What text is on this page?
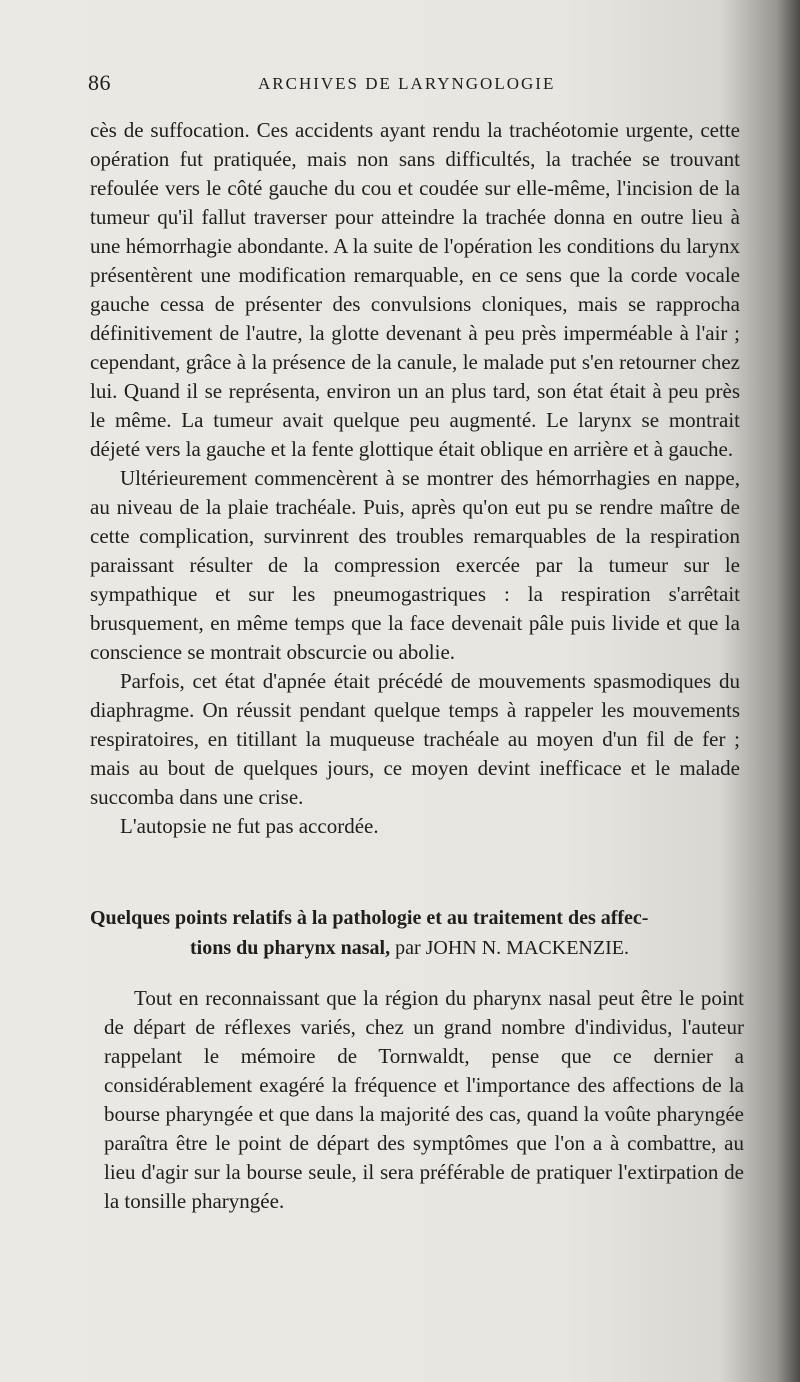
86	ARCHIVES DE LARYNGOLOGIE

cès de suffocation. Ces accidents ayant rendu la trachéotomie urgente, cette opération fut pratiquée, mais non sans difficultés, la trachée se trouvant refoulée vers le côté gauche du cou et coudée sur elle-même, l'incision de la tumeur qu'il fallut traverser pour atteindre la trachée donna en outre lieu à une hémorrhagie abondante. A la suite de l'opération les conditions du larynx présentèrent une modification remarquable, en ce sens que la corde vocale gauche cessa de présenter des convulsions cloniques, mais se rapprocha définitivement de l'autre, la glotte devenant à peu près imperméable à l'air ; cependant, grâce à la présence de la canule, le malade put s'en retourner chez lui. Quand il se représenta, environ un an plus tard, son état était à peu près le même. La tumeur avait quelque peu augmenté. Le larynx se montrait déjeté vers la gauche et la fente glottique était oblique en arrière et à gauche.

Ultérieurement commencèrent à se montrer des hémorrhagies en nappe, au niveau de la plaie trachéale. Puis, après qu'on eut pu se rendre maître de cette complication, survinrent des troubles remarquables de la respiration paraissant résulter de la compression exercée par la tumeur sur le sympathique et sur les pneumogastriques : la respiration s'arrêtait brusquement, en même temps que la face devenait pâle puis livide et que la conscience se montrait obscurcie ou abolie.

Parfois, cet état d'apnée était précédé de mouvements spasmodiques du diaphragme. On réussit pendant quelque temps à rappeler les mouvements respiratoires, en titillant la muqueuse trachéale au moyen d'un fil de fer ; mais au bout de quelques jours, ce moyen devint inefficace et le malade succomba dans une crise.

L'autopsie ne fut pas accordée.

Quelques points relatifs à la pathologie et au traitement des affec-
tions du pharynx nasal, par JOHN N. MACKENZIE.

Tout en reconnaissant que la région du pharynx nasal peut être le point de départ de réflexes variés, chez un grand nombre d'individus, l'auteur rappelant le mémoire de Tornwaldt, pense que ce dernier a considérablement exagéré la fréquence et l'importance des affections de la bourse pharyngée et que dans la majorité des cas, quand la voûte pharyngée paraîtra être le point de départ des symptômes que l'on a à combattre, au lieu d'agir sur la bourse seule, il sera préférable de pratiquer l'extirpation de la tonsille pharyngée.
